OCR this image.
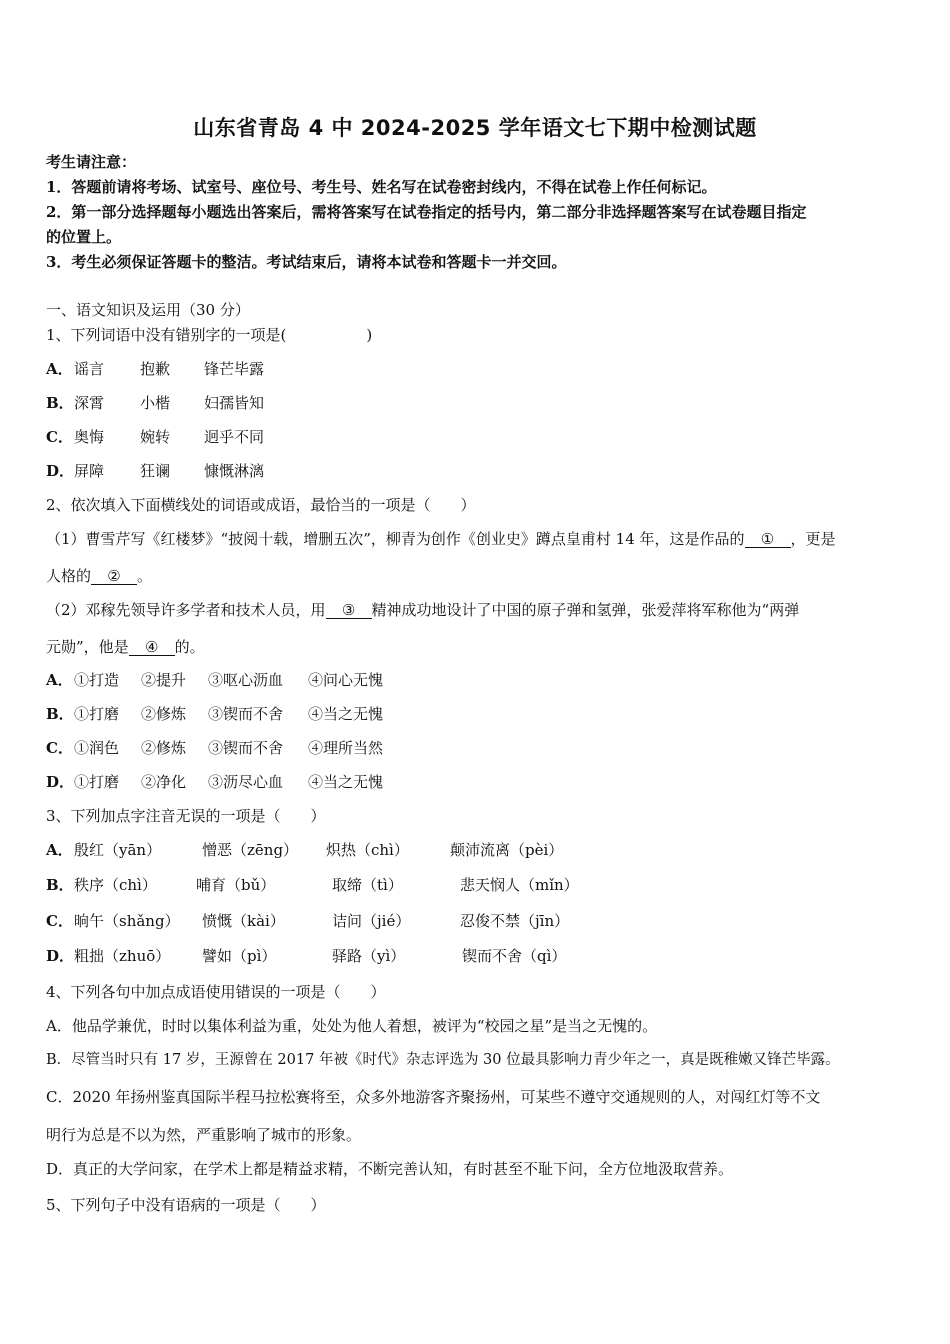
山东省青岛 4 中 2024-2025 学年语文七下期中检测试题
考生请注意：
1．答题前请将考场、试室号、座位号、考生号、姓名写在试卷密封线内，不得在试卷上作任何标记。
2．第一部分选择题每小题选出答案后，需将答案写在试卷指定的括号内，第二部分非选择题答案写在试卷题目指定
的位置上。
3．考生必须保证答题卡的整洁。考试结束后，请将本试卷和答题卡一并交回。
一、语文知识及运用（30 分）
1、下列词语中没有错别字的一项是(	)
A．谣言 抱歉 锋芒毕露
B．深霄 小楷 妇孺皆知
C．奥悔 婉转 迥乎不同
D．屏障 狂谰 慷慨淋漓
2、依次填入下面横线处的词语或成语，最恰当的一项是（　　）
（1）曹雪芹写《红楼梦》“披阅十载，增删五次”，柳青为创作《创业史》蹲点皇甫村 14 年，这是作品的 ① ，更是
人格的 ② 。
（2）邓稼先领导许多学者和技术人员，用 ③ 精神成功地设计了中国的原子弹和氢弹，张爱萍将军称他为“两弹
元勋”，他是 ④ 的。
A．①打造 ②提升 ③呕心沥血 ④问心无愧
B．①打磨 ②修炼 ③锲而不舍 ④当之无愧
C．①润色 ②修炼 ③锲而不舍 ④理所当然
D．①打磨 ②净化 ③沥尽心血 ④当之无愧
3、下列加点字注音无误的一项是（　　）
A．殷红（yān）	憎恶（zēng） 炽热（chì）	颠沛流离（pèi）
B．秩序（chì）	哺育（bǔ）	取缔（tì）	悲天悯人（mǐn）
C．晌午（shǎng） 愤慨（kài）	诘问（jié）	忍俊不禁（jīn）
D．粗拙（zhuō） 譬如（pì）	驿路（yì）	锲而不舍（qì）
4、下列各句中加点成语使用错误的一项是（　　）
A．他品学兼优，时时以集体利益为重，处处为他人着想，被评为“校园之星”是当之无愧的。
B．尽管当时只有 17 岁，王源曾在 2017 年被《时代》杂志评选为 30 位最具影响力青少年之一，真是既稚嫩又锋芒毕露。
C．2020 年扬州鉴真国际半程马拉松赛将至，众多外地游客齐聚扬州，可某些不遵守交通规则的人，对闯红灯等不文
明行为总是不以为然，严重影响了城市的形象。
D．真正的大学问家，在学术上都是精益求精，不断完善认知，有时甚至不耻下问，全方位地汲取营养。
5、下列句子中没有语病的一项是（　　）
